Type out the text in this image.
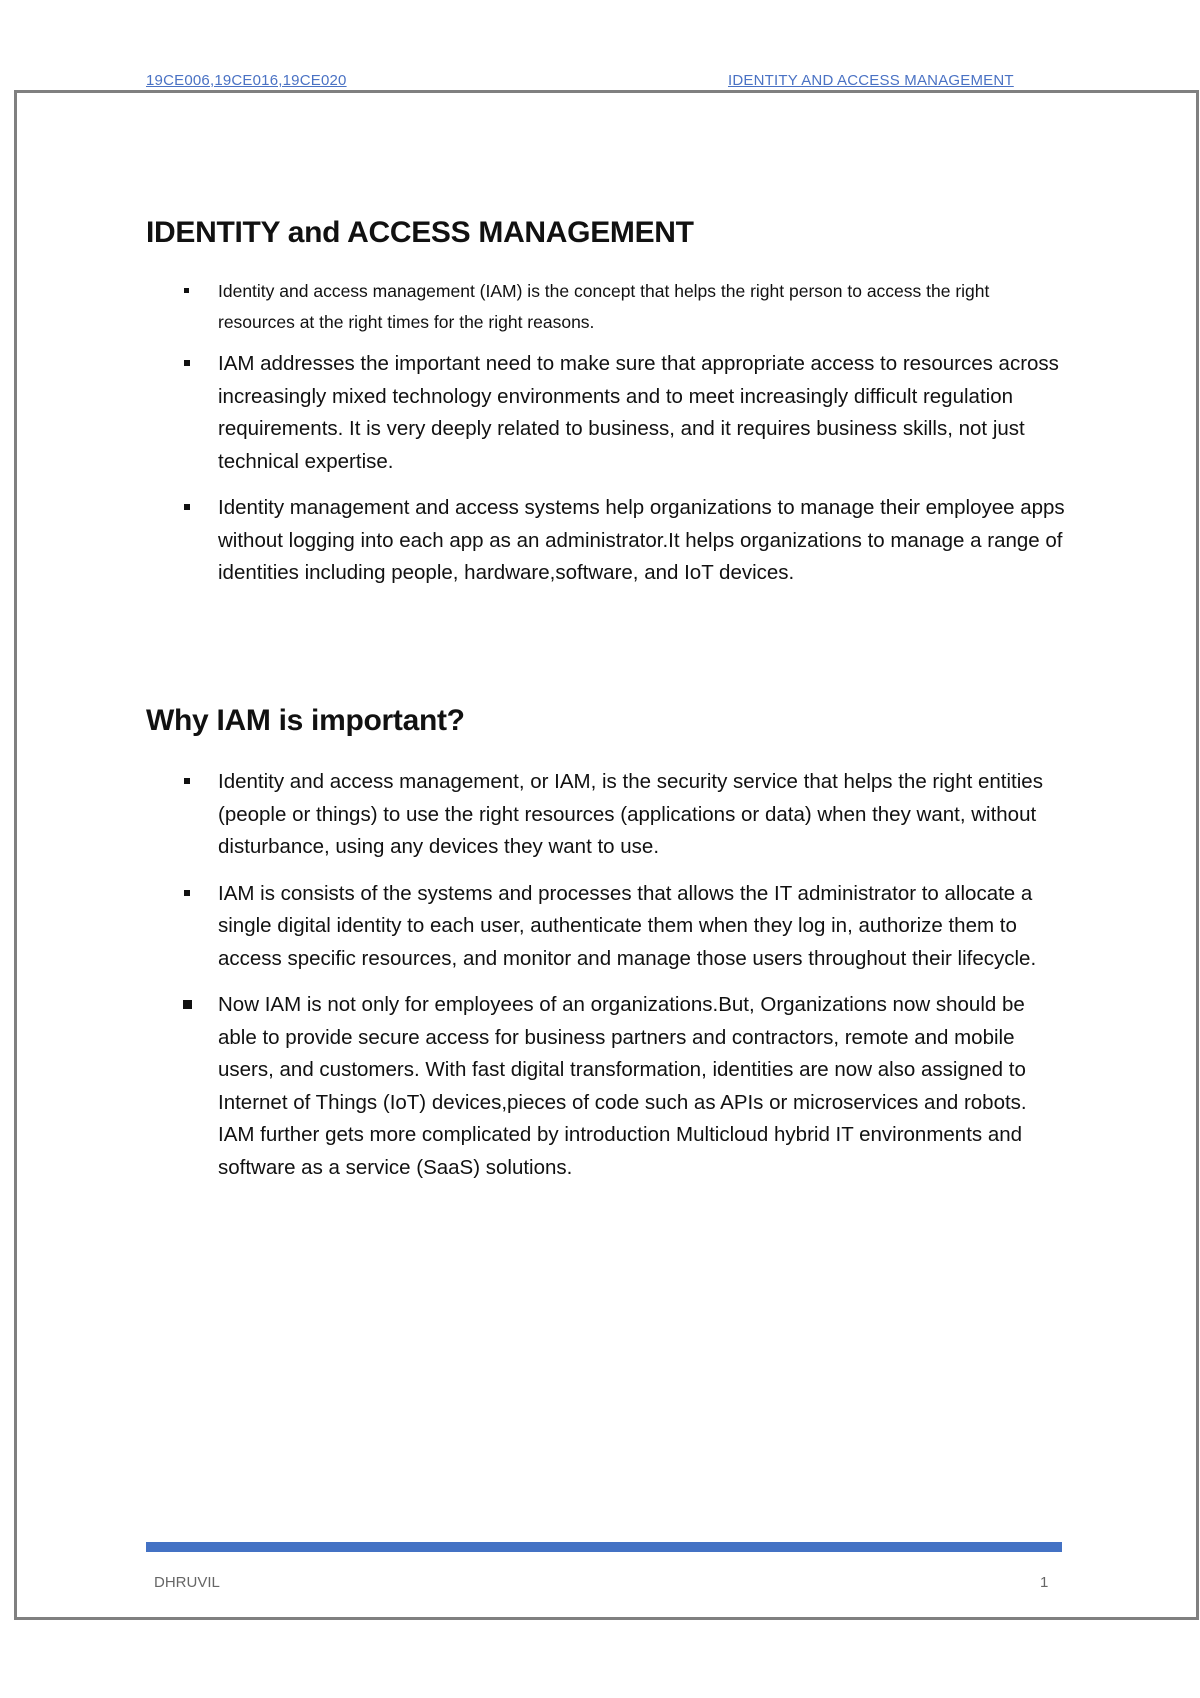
19CE006,19CE016,19CE020	IDENTITY AND ACCESS MANAGEMENT
IDENTITY and ACCESS MANAGEMENT
Identity and access management (IAM) is the concept that helps the right person to access the right resources at the right times for the right reasons.
IAM addresses the important need to make sure that appropriate access to resources across increasingly mixed technology environments and to meet increasingly difficult regulation requirements. It is very deeply related to business, and it requires business skills, not just technical expertise.
Identity management and access systems help organizations to manage their employee apps without logging into each app as an administrator.It helps organizations to manage a range of identities including people, hardware,software, and IoT devices.
Why IAM is important?
Identity and access management, or IAM, is the security service that helps the right entities (people or things) to use the right resources (applications or data) when they want, without disturbance, using any devices they want to use.
IAM is consists of the systems and processes that allows the IT administrator to allocate a single digital identity to each user, authenticate them when they log in, authorize them to access specific resources, and monitor and manage those users throughout their lifecycle.
Now IAM is not only for employees of an organizations.But, Organizations now should be able to provide secure access for business partners and contractors, remote and mobile users, and customers. With fast digital transformation, identities are now also assigned to Internet of Things (IoT) devices,pieces of code such as APIs or microservices and robots. IAM further gets more complicated by introduction Multicloud hybrid IT environments and software as a service (SaaS) solutions.
DHRUVIL	1
